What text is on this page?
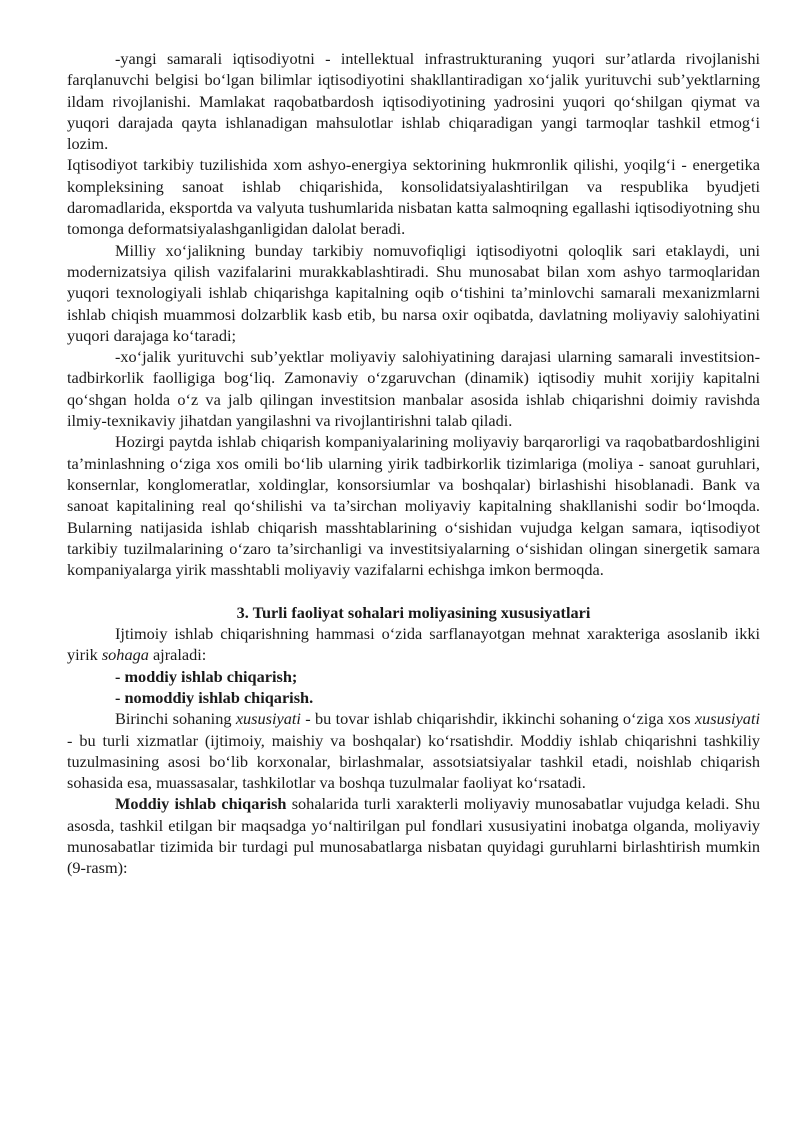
-yangi samarali iqtisodiyotni - intellektual infrastrukturaning yuqori sur’atlarda rivojlanishi farqlanuvchi belgisi bo‘lgan bilimlar iqtisodiyotini shakllantiradigan xo‘jalik yurituvchi sub’yektlarning ildam rivojlanishi. Mamlakat raqobatbardosh iqtisodiyotining yadrosini yuqori qo‘shilgan qiymat va yuqori darajada qayta ishlanadigan mahsulotlar ishlab chiqaradigan yangi tarmoqlar tashkil etmog‘i lozim.

Iqtisodiyot tarkibiy tuzilishida xom ashyo-energiya sektorining hukmronlik qilishi, yoqilg‘i - energetika kompleksining sanoat ishlab chiqarishida, konsolidatsiyalashtirilgan va respublika byudjeti daromadlarida, eksportda va valyuta tushumlarida nisbatan katta salmoqning egallashi iqtisodiyotning shu tomonga deformatsiyalashganligidan dalolat beradi.

Milliy xo‘jalikning bunday tarkibiy nomuvofiqligi iqtisodiyotni qoloqlik sari etaklaydi, uni modernizatsiya qilish vazifalarini murakkablashtiradi. Shu munosabat bilan xom ashyo tarmoqlaridan yuqori texnologiyali ishlab chiqarishga kapitalning oqib o‘tishini ta’minlovchi samarali mexanizmlarni ishlab chiqish muammosi dolzarblik kasb etib, bu narsa oxir oqibatda, davlatning moliyaviy salohiyatini yuqori darajaga ko‘taradi;

-xo‘jalik yurituvchi sub’yektlar moliyaviy salohiyatining darajasi ularning samarali investitsion-tadbirkorlik faolligiga bog‘liq. Zamonaviy o‘zgaruvchan (dinamik) iqtisodiy muhit xorijiy kapitalni qo‘shgan holda o‘z va jalb qilingan investitsion manbalar asosida ishlab chiqarishni doimiy ravishda ilmiy-texnikaviy jihatdan yangilashni va rivojlantirishni talab qiladi.

Hozirgi paytda ishlab chiqarish kompaniyalarining moliyaviy barqarorligi va raqobatbardoshligini ta’minlashning o‘ziga xos omili bo‘lib ularning yirik tadbirkorlik tizimlariga (moliya - sanoat guruhlari, konsernlar, konglomeratlar, xoldinglar, konsorsiumlar va boshqalar) birlashishi hisoblanadi. Bank va sanoat kapitalining real qo‘shilishi va ta’sirchan moliyaviy kapitalning shakllanishi sodir bo‘lmoqda. Bularning natijasida ishlab chiqarish masshtablarining o‘sishidan vujudga kelgan samara, iqtisodiyot tarkibiy tuzilmalarining o‘zaro ta’sirchanligi va investitsiyalarning o‘sishidan olingan sinergetik samara kompaniyalarga yirik masshtabli moliyaviy vazifalarni echishga imkon bermoqda.

3. Turli faoliyat sohalari moliyasining xususiyatlari

Ijtimoiy ishlab chiqarishning hammasi o‘zida sarflanayotgan mehnat xarakteriga asoslanib ikki yirik sohaga ajraladi:

- moddiy ishlab chiqarish;

- nomoddiy ishlab chiqarish.

Birinchi sohaning xususiyati - bu tovar ishlab chiqarishdir, ikkinchi sohaning o‘ziga xos xususiyati - bu turli xizmatlar (ijtimoiy, maishiy va boshqalar) ko‘rsatishdir. Moddiy ishlab chiqarishni tashkiliy tuzulmasining asosi bo‘lib korxonalar, birlashmalar, assotsiatsiyalar tashkil etadi, noishlab chiqarish sohasida esa, muassasalar, tashkilotlar va boshqa tuzulmalar faoliyat ko‘rsatadi.

Moddiy ishlab chiqarish sohalarida turli xarakterli moliyaviy munosabatlar vujudga keladi. Shu asosda, tashkil etilgan bir maqsadga yo‘naltirilgan pul fondlari xususiyatini inobatga olganda, moliyaviy munosabatlar tizimida bir turdagi pul munosabatlarga nisbatan quyidagi guruhlarni birlashtirish mumkin (9-rasm):
